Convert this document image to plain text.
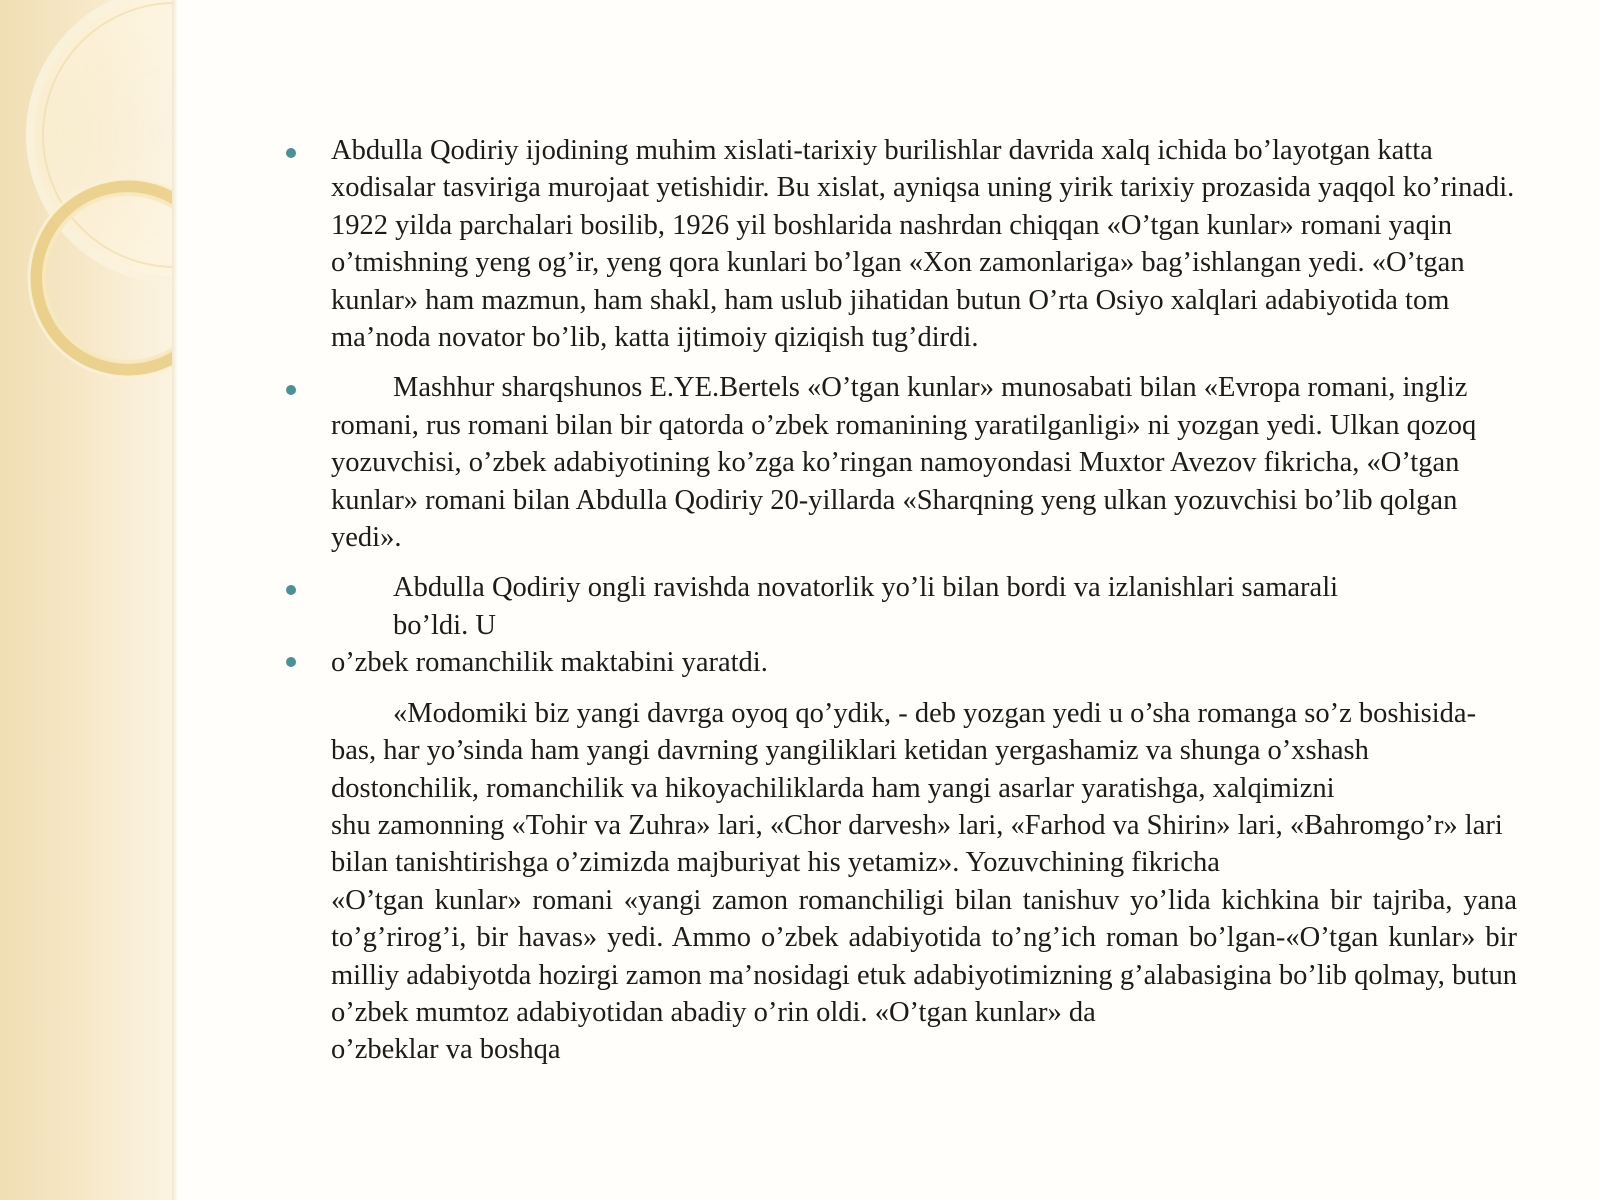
Abdulla Qodiriy ijodining muhim xislati-tarixiy burilishlar davrida xalq ichida bo’layotgan katta xodisalar tasviriga murojaat yetishidir. Bu xislat, ayniqsa uning yirik tarixiy prozasida yaqqol ko’rinadi. 1922 yilda parchalari bosilib, 1926 yil boshlarida nashrdan chiqqan «O’tgan kunlar» romani yaqin o’tmishning yeng og’ir, yeng qora kunlari bo’lgan «Xon zamonlariga» bag’ishlangan yedi. «O’tgan kunlar» ham mazmun, ham shakl, ham uslub jihatidan butun O’rta Osiyo xalqlari adabiyotida tom ma’noda novator bo’lib, katta ijtimoiy qiziqish tug’dirdi.

Mashhur sharqshunos E.YE.Bertels «O’tgan kunlar» munosabati bilan «Evropa romani, ingliz romani, rus romani bilan bir qatorda o’zbek romanining yaratilganligi» ni yozgan yedi. Ulkan qozoq yozuvchisi, o’zbek adabiyotining ko’zga ko’ringan namoyondasi Muxtor Avezov fikricha, «O’tgan kunlar» romani bilan Abdulla Qodiriy 20-yillarda «Sharqning yeng ulkan yozuvchisi bo’lib qolgan yedi».

Abdulla Qodiriy ongli ravishda novatorlik yo’li bilan bordi va izlanishlari samarali
bo’ldi. U
o’zbek romanchilik maktabini yaratdi.
«Modomiki biz yangi davrga oyoq qo’ydik, - deb yozgan yedi u o’sha romanga so’z boshisida-bas, har yo’sinda ham yangi davrning yangiliklari ketidan yergashamiz va shunga o’xshash dostonchilik, romanchilik va hikoyachiliklarda ham yangi asarlar yaratishga, xalqimizni
shu zamonning «Tohir va Zuhra» lari, «Chor darvesh» lari, «Farhod va Shirin» lari, «Bahromgo’r» lari bilan tanishtirishga o’zimizda majburiyat his yetamiz». Yozuvchining fikricha
«O’tgan kunlar» romani «yangi zamon romanchiligi bilan tanishuv yo’lida kichkina bir tajriba, yana to’g’rirog’i, bir havas» yedi. Ammo o’zbek adabiyotida to’ng’ich roman bo’lgan-«O’tgan kunlar» bir milliy adabiyotda hozirgi zamon ma’nosidagi etuk adabiyotimizning g’alabasigina bo’lib qolmay, butun o’zbek mumtoz adabiyotidan abadiy o’rin oldi. «O’tgan kunlar» da
o’zbeklar va boshqa
